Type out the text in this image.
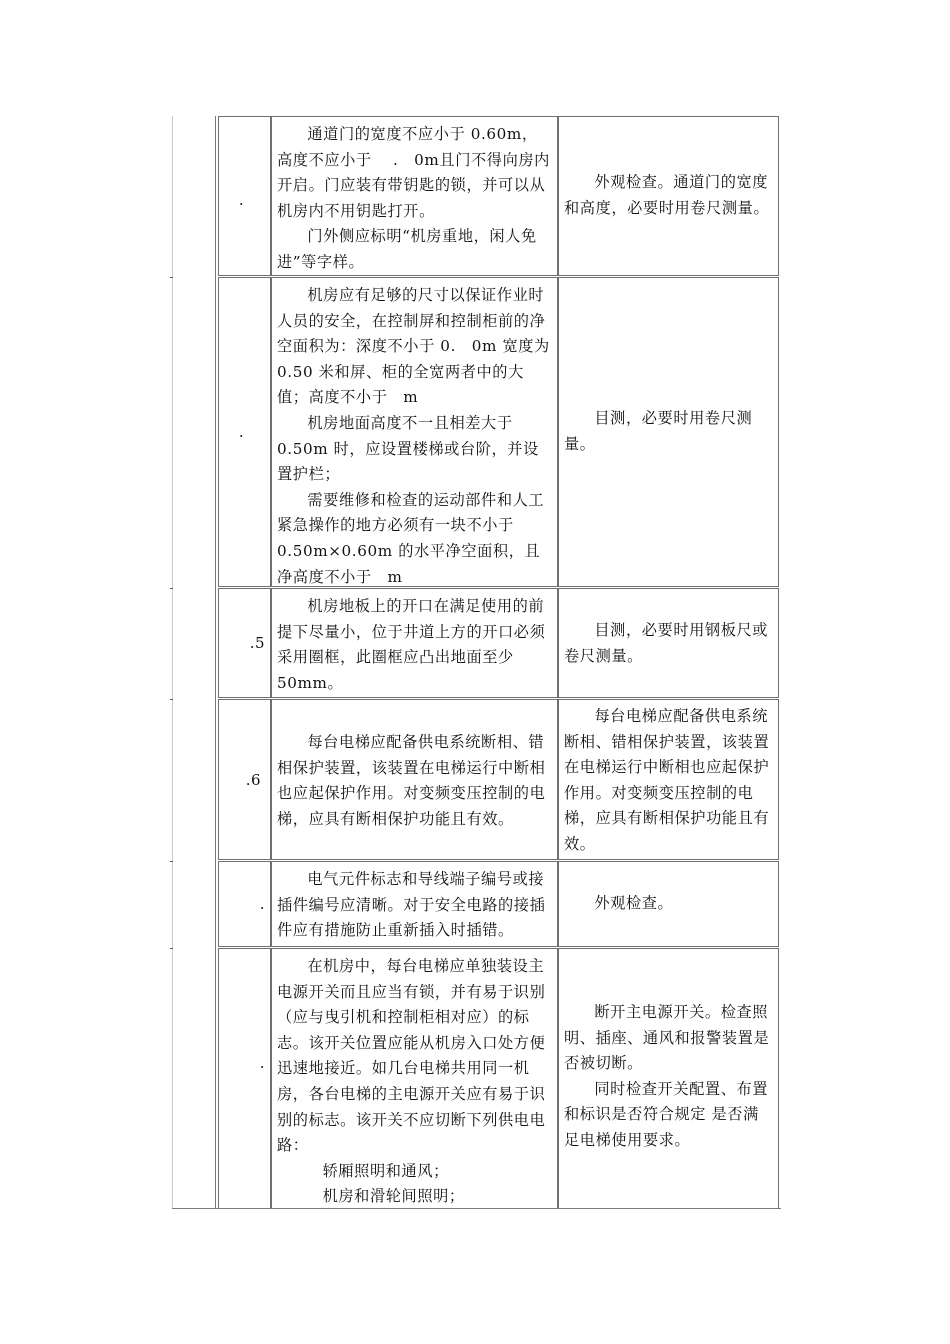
.

通道门的宽度不应小于 0.60m，高度不应小于 　.　0m且门不得向房内开启。门应装有带钥匙的锁，并可以从机房内不用钥匙打开。

门外侧应标明“机房重地，闲人免进”等字样。

外观检查。通道门的宽度和高度，必要时用卷尺测量。

.

机房应有足够的尺寸以保证作业时人员的安全，在控制屏和控制柜前的净空面积为：深度不小于 0.　0m 宽度为 0.50 米和屏、柜的全宽两者中的大值；高度不小于　m

机房地面高度不一且相差大于0.50m 时，应设置楼梯或台阶，并设置护栏；

需要维修和检查的运动部件和人工紧急操作的地方必须有一块不小于0.50m×0.60m 的水平净空面积，且净高度不小于　m

目测，必要时用卷尺测量。

.5

机房地板上的开口在满足使用的前提下尽量小，位于井道上方的开口必须采用圈框，此圈框应凸出地面至少50mm。

目测，必要时用钢板尺或卷尺测量。

.6

每台电梯应配备供电系统断相、错相保护装置，该装置在电梯运行中断相也应起保护作用。对变频变压控制的电梯，应具有断相保护功能且有效。

每台电梯应配备供电系统断相、错相保护装置，该装置在电梯运行中断相也应起保护作用。对变频变压控制的电梯，应具有断相保护功能且有效。

.

电气元件标志和导线端子编号或接插件编号应清晰。对于安全电路的接插件应有措施防止重新插入时插错。

外观检查。

.

在机房中，每台电梯应单独装设主电源开关而且应当有锁，并有易于识别（应与曳引机和控制柜相对应）的标志。该开关位置应能从机房入口处方便迅速地接近。如几台电梯共用同一机房，各台电梯的主电源开关应有易于识别的标志。该开关不应切断下列供电电路：

轿厢照明和通风；

机房和滑轮间照明；

断开主电源开关。检查照明、插座、通风和报警装置是否被切断。

同时检查开关配置、布置和标识是否符合规定 是否满足电梯使用要求。
